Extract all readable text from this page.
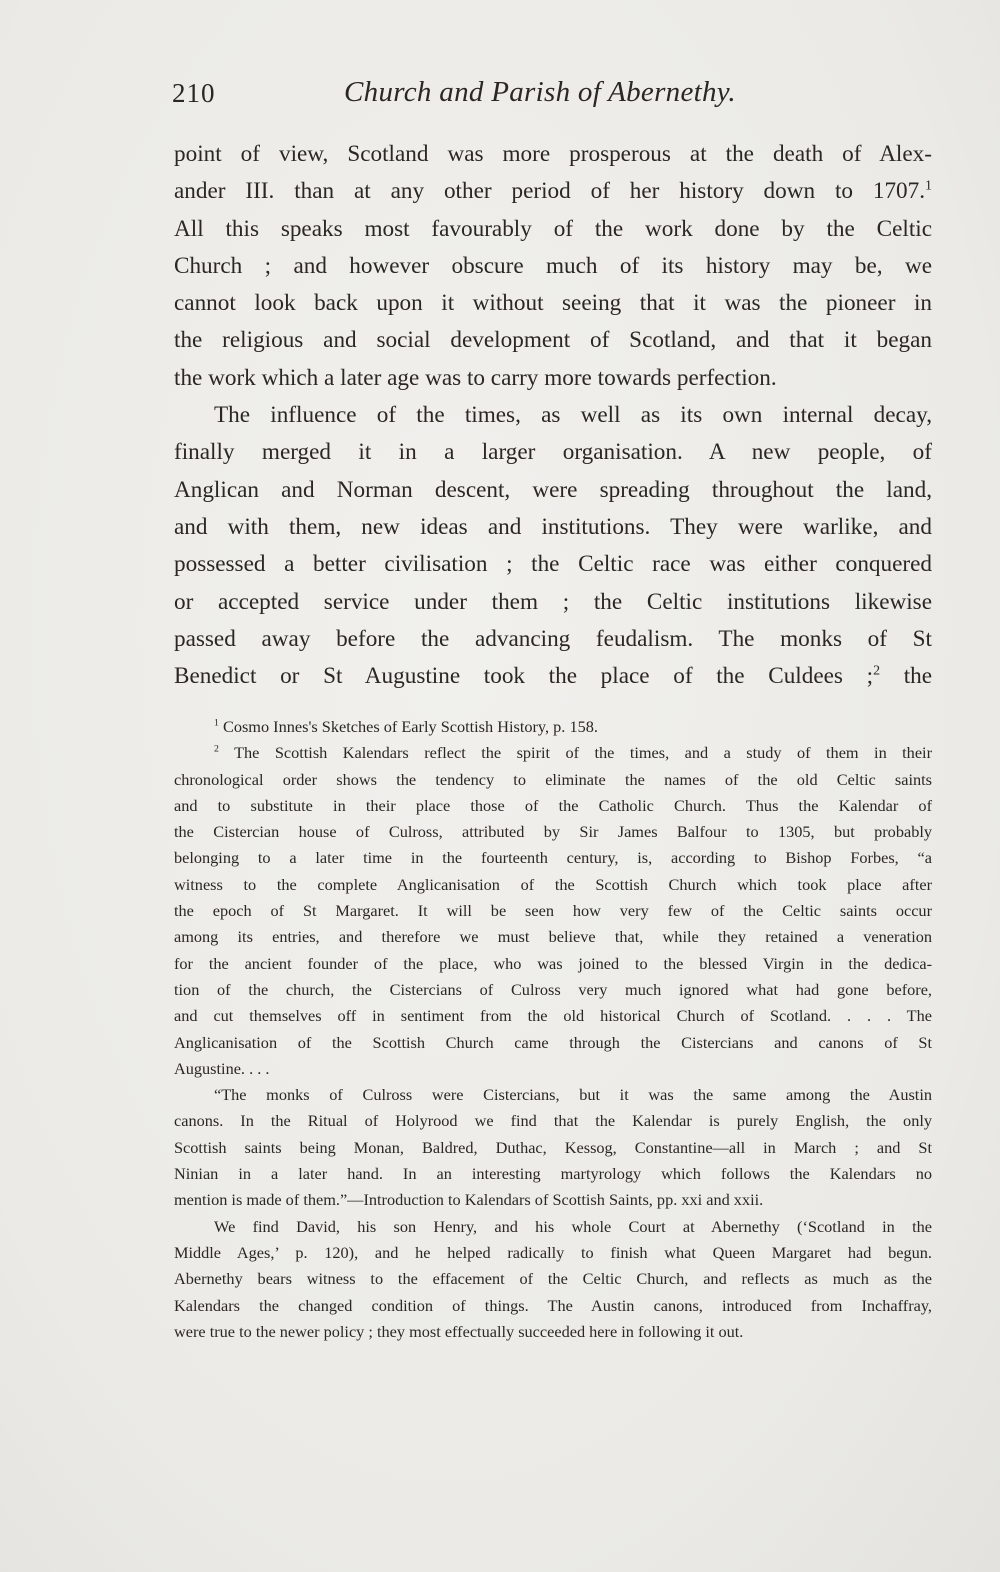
210	Church and Parish of Abernethy.

point of view, Scotland was more prosperous at the death of Alex-

ander III. than at any other period of her history down to 1707.$^1$

All this speaks most favourably of the work done by the Celtic

Church ; and however obscure much of its history may be, we

cannot look back upon it without seeing that it was the pioneer in

the religious and social development of Scotland, and that it began

the work which a later age was to carry more towards perfection.

The influence of the times, as well as its own internal decay,

finally merged it in a larger organisation. A new people, of

Anglican and Norman descent, were spreading throughout the land,

and with them, new ideas and institutions. They were warlike, and

possessed a better civilisation ; the Celtic race was either conquered

or accepted service under them ; the Celtic institutions likewise

passed away before the advancing feudalism. The monks of St

Benedict or St Augustine took the place of the Culdees ;$^2$ the

$^1$ Cosmo Innes's Sketches of Early Scottish History, p. 158.

$^2$ The Scottish Kalendars reflect the spirit of the times, and a study of them in their

chronological order shows the tendency to eliminate the names of the old Celtic saints

and to substitute in their place those of the Catholic Church. Thus the Kalendar of

the Cistercian house of Culross, attributed by Sir James Balfour to 1305, but probably

belonging to a later time in the fourteenth century, is, according to Bishop Forbes, “a

witness to the complete Anglicanisation of the Scottish Church which took place after

the epoch of St Margaret. It will be seen how very few of the Celtic saints occur

among its entries, and therefore we must believe that, while they retained a veneration

for the ancient founder of the place, who was joined to the blessed Virgin in the dedica-

tion of the church, the Cistercians of Culross very much ignored what had gone before,

and cut themselves off in sentiment from the old historical Church of Scotland. . . . The

Anglicanisation of the Scottish Church came through the Cistercians and canons of St

Augustine. . . .

“The monks of Culross were Cistercians, but it was the same among the Austin

canons. In the Ritual of Holyrood we find that the Kalendar is purely English, the only

Scottish saints being Monan, Baldred, Duthac, Kessog, Constantine—all in March ; and St

Ninian in a later hand. In an interesting martyrology which follows the Kalendars no

mention is made of them.”—Introduction to Kalendars of Scottish Saints, pp. xxi and xxii.

We find David, his son Henry, and his whole Court at Abernethy (‘Scotland in the

Middle Ages,’ p. 120), and he helped radically to finish what Queen Margaret had begun.

Abernethy bears witness to the effacement of the Celtic Church, and reflects as much as the

Kalendars the changed condition of things. The Austin canons, introduced from Inchaffray,

were true to the newer policy ; they most effectually succeeded here in following it out.
